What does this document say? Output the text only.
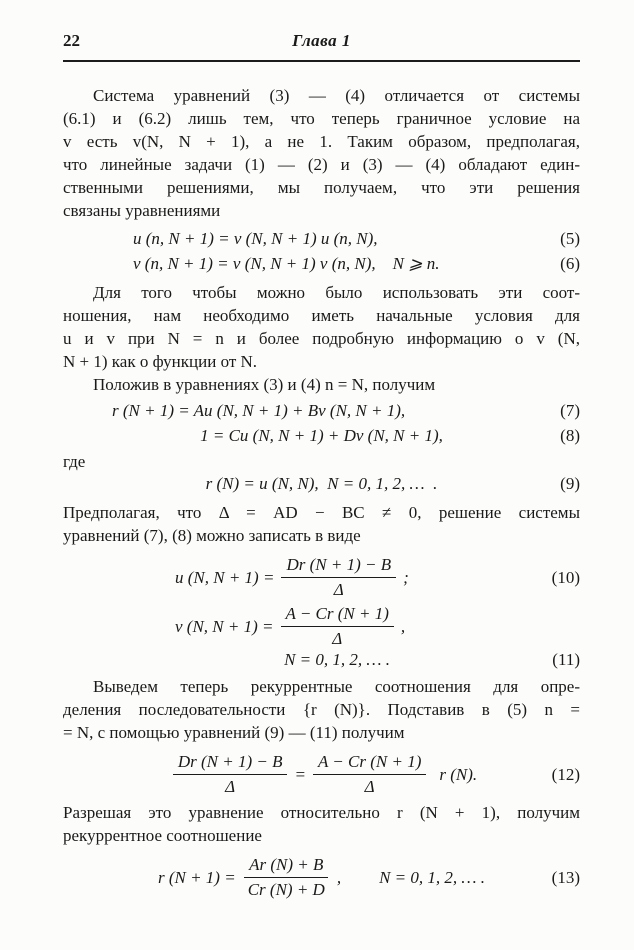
22	Глава 1
Система уравнений (3) — (4) отличается от системы
(6.1) и (6.2) лишь тем, что теперь граничное условие на
v есть v(N, N + 1), а не 1. Таким образом, предполагая,
что линейные задачи (1) — (2) и (3) — (4) обладают един-
ственными решениями, мы получаем, что эти решения
связаны уравнениями
u (n, N + 1) = v (N, N + 1) u (n, N),	(5)
v (n, N + 1) = v (N, N + 1) v (n, N), N ⩾ n.	(6)
Для того чтобы можно было использовать эти соот-
ношения, нам необходимо иметь начальные условия для
u и v при N = n и более подробную информацию о v (N,
N + 1) как о функции от N.
Положив в уравнениях (3) и (4) n = N, получим
r (N + 1) = Au (N, N + 1) + Bv (N, N + 1),	(7)
1 = Cu (N, N + 1) + Dv (N, N + 1),	(8)
где
r (N) = u (N, N), N = 0, 1, 2, … .	(9)
Предполагая, что Δ = AD − BC ≠ 0, решение системы
уравнений (7), (8) можно записать в виде
u (N, $N + 1) = \frac{Dr (N + 1) - B}{\Delta}$ ;	(10)
v (N, $N + 1) = \frac{A - Cr (N + 1)}{\Delta}$ ,
N = 0, 1, 2, … .	(11)
Выведем теперь рекуррентные соотношения для опре-
деления последовательности {r (N)}. Подставив в (5) n =
= N, с помощью уравнений (9) — (11) получим
$\frac{Dr (N + 1) - B}{\Delta} = \frac{A - Cr (N + 1)}{\Delta}$ r (N).	(12)
Разрешая это уравнение относительно r (N + 1), получим
рекуррентное соотношение
r $(N + 1) = \frac{Ar (N) + B}{Cr (N) + D}$ , N = 0, 1, 2, … .	(13)
